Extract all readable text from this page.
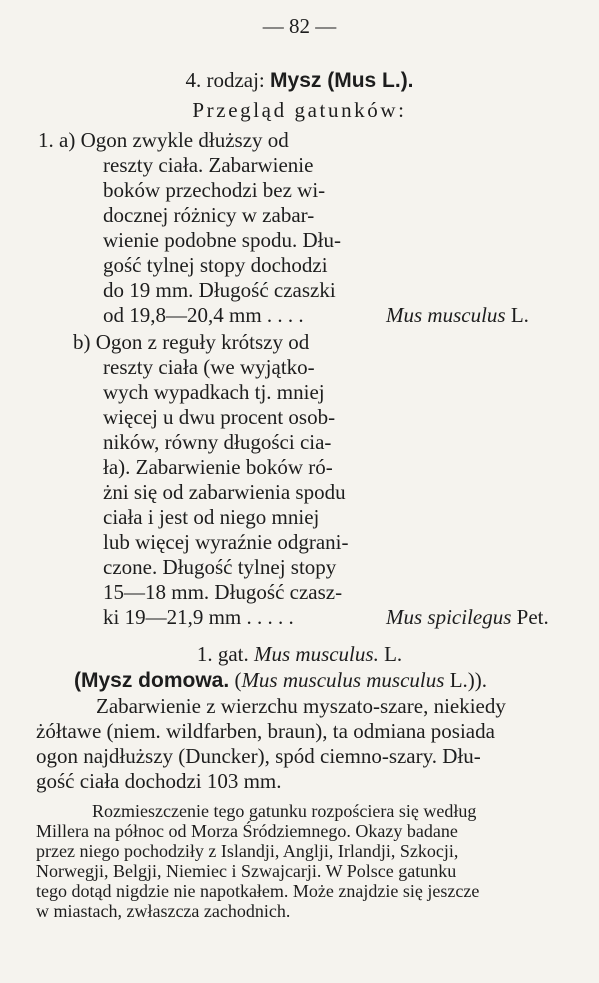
— 82 —
4. rodzaj: Mysz (Mus L.).
Przegląd gatunków:
1. a) Ogon zwykle dłuższy od
reszty ciała. Zabarwienie
boków przechodzi bez wi-
docznej różnicy w zabar-
wienie podobne spodu. Dłu-
gość tylnej stopy dochodzi
do 19 mm. Długość czaszki
od 19,8—20,4 mm . . . .	Mus musculus L.
b) Ogon z reguły krótszy od
reszty ciała (we wyjątko-
wych wypadkach tj. mniej
więcej u dwu procent osob-
ników, równy długości cia-
ła). Zabarwienie boków ró-
żni się od zabarwienia spodu
ciała i jest od niego mniej
lub więcej wyraźnie odgrani-
czone. Długość tylnej stopy
15—18 mm. Długość czasz-
ki 19—21,9 mm . . . . .	Mus spicilegus Pet.
1. gat. Mus musculus. L.
(Mysz domowa. (Mus musculus musculus L.)).
Zabarwienie z wierzchu myszato-szare, niekiedy
żółtawe (niem. wildfarben, braun), ta odmiana posiada
ogon najdłuższy (Duncker), spód ciemno-szary. Dłu-
gość ciała dochodzi 103 mm.
Rozmieszczenie tego gatunku rozpościera się według
Millera na północ od Morza Śródziemnego. Okazy badane
przez niego pochodziły z Islandji, Anglji, Irlandji, Szkocji,
Norwegji, Belgji, Niemiec i Szwajcarji. W Polsce gatunku
tego dotąd nigdzie nie napotkałem. Może znajdzie się jeszcze
w miastach, zwłaszcza zachodnich.
